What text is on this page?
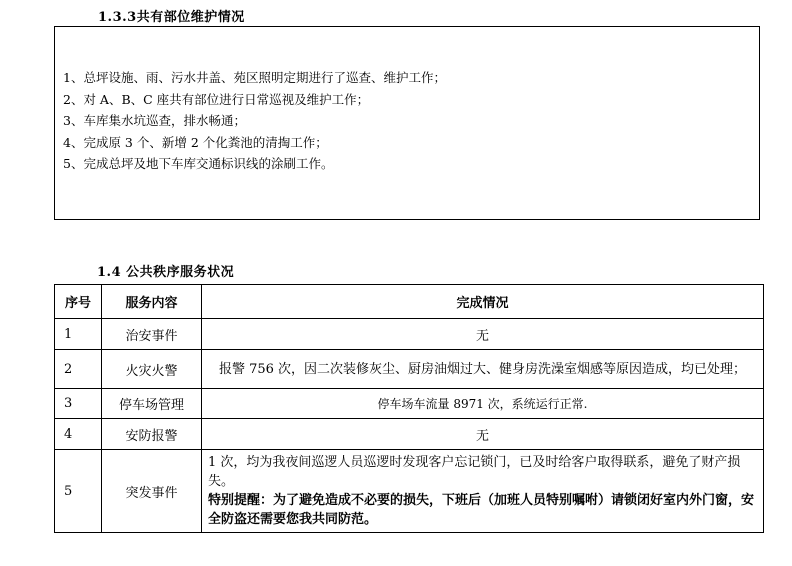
1.3.3共有部位维护情况
1、总坪设施、雨、污水井盖、苑区照明定期进行了巡查、维护工作；
2、对 A、B、C 座共有部位进行日常巡视及维护工作；
3、车库集水坑巡查，排水畅通；
4、完成原 3 个、新增 2 个化粪池的清掏工作；
5、完成总坪及地下车库交通标识线的涂刷工作。
1.4 公共秩序服务状况
序号	服务内容	完成情况
1	治安事件	无
2	火灾火警	报警 756 次，因二次装修灰尘、厨房油烟过大、健身房洗澡室烟感等原因造成，均已处理；
3	停车场管理	停车场车流量 8971 次，系统运行正常.
4	安防报警	无
5	突发事件	1 次，均为我夜间巡逻人员巡逻时发现客户忘记锁门，已及时给客户取得联系，避免了财产损失。
特别提醒：为了避免造成不必要的损失，下班后（加班人员特别嘱咐）请锁闭好室内外门窗，安全防盗还需要您我共同防范。
